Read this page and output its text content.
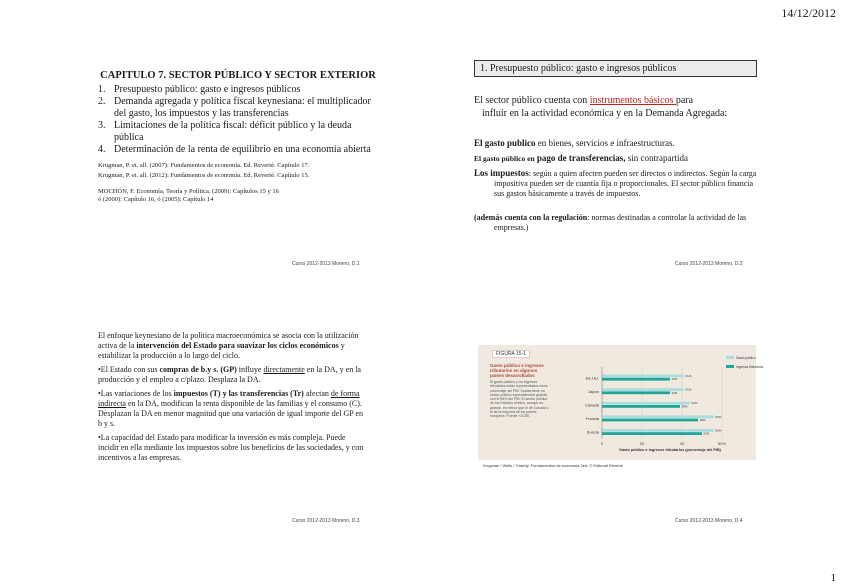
14/12/2012
CAPITULO 7. SECTOR PÚBLICO Y SECTOR EXTERIOR
1. Presupuesto público: gasto e ingresos públicos
2. Demanda agregada y política fiscal keynesiana: el multiplicador del gasto, los impuestos y las transferencias
3. Limitaciones de la política fiscal: déficit público y la deuda pública
4. Determinación de la renta de equilibrio en una economía abierta

Krugman, P. et. all. (2007): Fundamentos de economía. Ed. Reverté. Capítulo 17.

Krugman, P. et. all. (2012): Fundamentos de economía. Ed. Reverté. Capítulo 15.

MOCHÓN, F. Economía, Teoría y Política. (2009): Capítulos 15 y 16

ó (2000): Capítulo 16, ó (2005): Capítulo 14

Curso 2012-2013 Moreno, D.1
1. Presupuesto público: gasto e ingresos públicos
El sector público cuenta con instrumentos básicos para
influir en la actividad económica y en la Demanda Agregada:
El gasto publico en bienes, servicios e infraestructuras.
El gasto público en pago de transferencias, sin contrapartida
Los impuestos: según a quien afecten pueden ser directos o indirectos. Según la carga impositiva pueden ser de cuantía fija o proporcionales. El sector público financia sus gastos básicamente a través de impuestos.
(además cuenta con la regulación: normas destinadas a controlar la actividad de las empresas.)
Curso 2012-2013 Moreno, D.2

El enfoque keynesiano de la política macroeconómica se asocia con la utilización activa de la intervención del Estado para suavizar los ciclos económicos y estabilizar la producción a lo largo del ciclo.

•El Estado con sus compras de b.y s. (GP) influye directamente en la DA, y en la producción y el empleo a c/plazo. Desplaza la DA.

•Las variaciones de los impuestos (T) y las transferencias (Tr) afectan de forma indirecta en la DA, modifican la renta disponible de las familias y el consumo (C). Desplazan la DA en menor magnitud que una variación de igual importe del GP en b y s.

•La capacidad del Estado para modificar la inversión es más compleja. Puede incidir en ella mediante los impuestos sobre los beneficios de las sociedades, y con incentivos a las empresas.

Curso 2012-2013 Moreno, D.3
FIGURA 15-1
Gasto público e ingresos tributarios en algunos países desarrollados
El gasto público y los ingresos tributarios están representados como porcentaje del PIB. Suecia tiene un sector público especialmente grande, con el 56% del PIB. El sector público de los Estados Unidos, aunque es grande, es menor que el de Canadá o el de la mayoría de los países europeos. Fuente: OCDE.
0	20	40	60%
EE.UU.	41%
34%
Japón	41%
34%
Canadá	44%
39%
Francia	56%
48%
Suecia	56%
50%
Gasto público e ingresos tributarios (porcentaje del PIB)
Gasto público
Ingresos tributarios
Krugman / Wells / Graddy. Fundamentos de economía 2ed. © Editorial Reverté
Curso 2012-2013 Moreno, D.4
1
